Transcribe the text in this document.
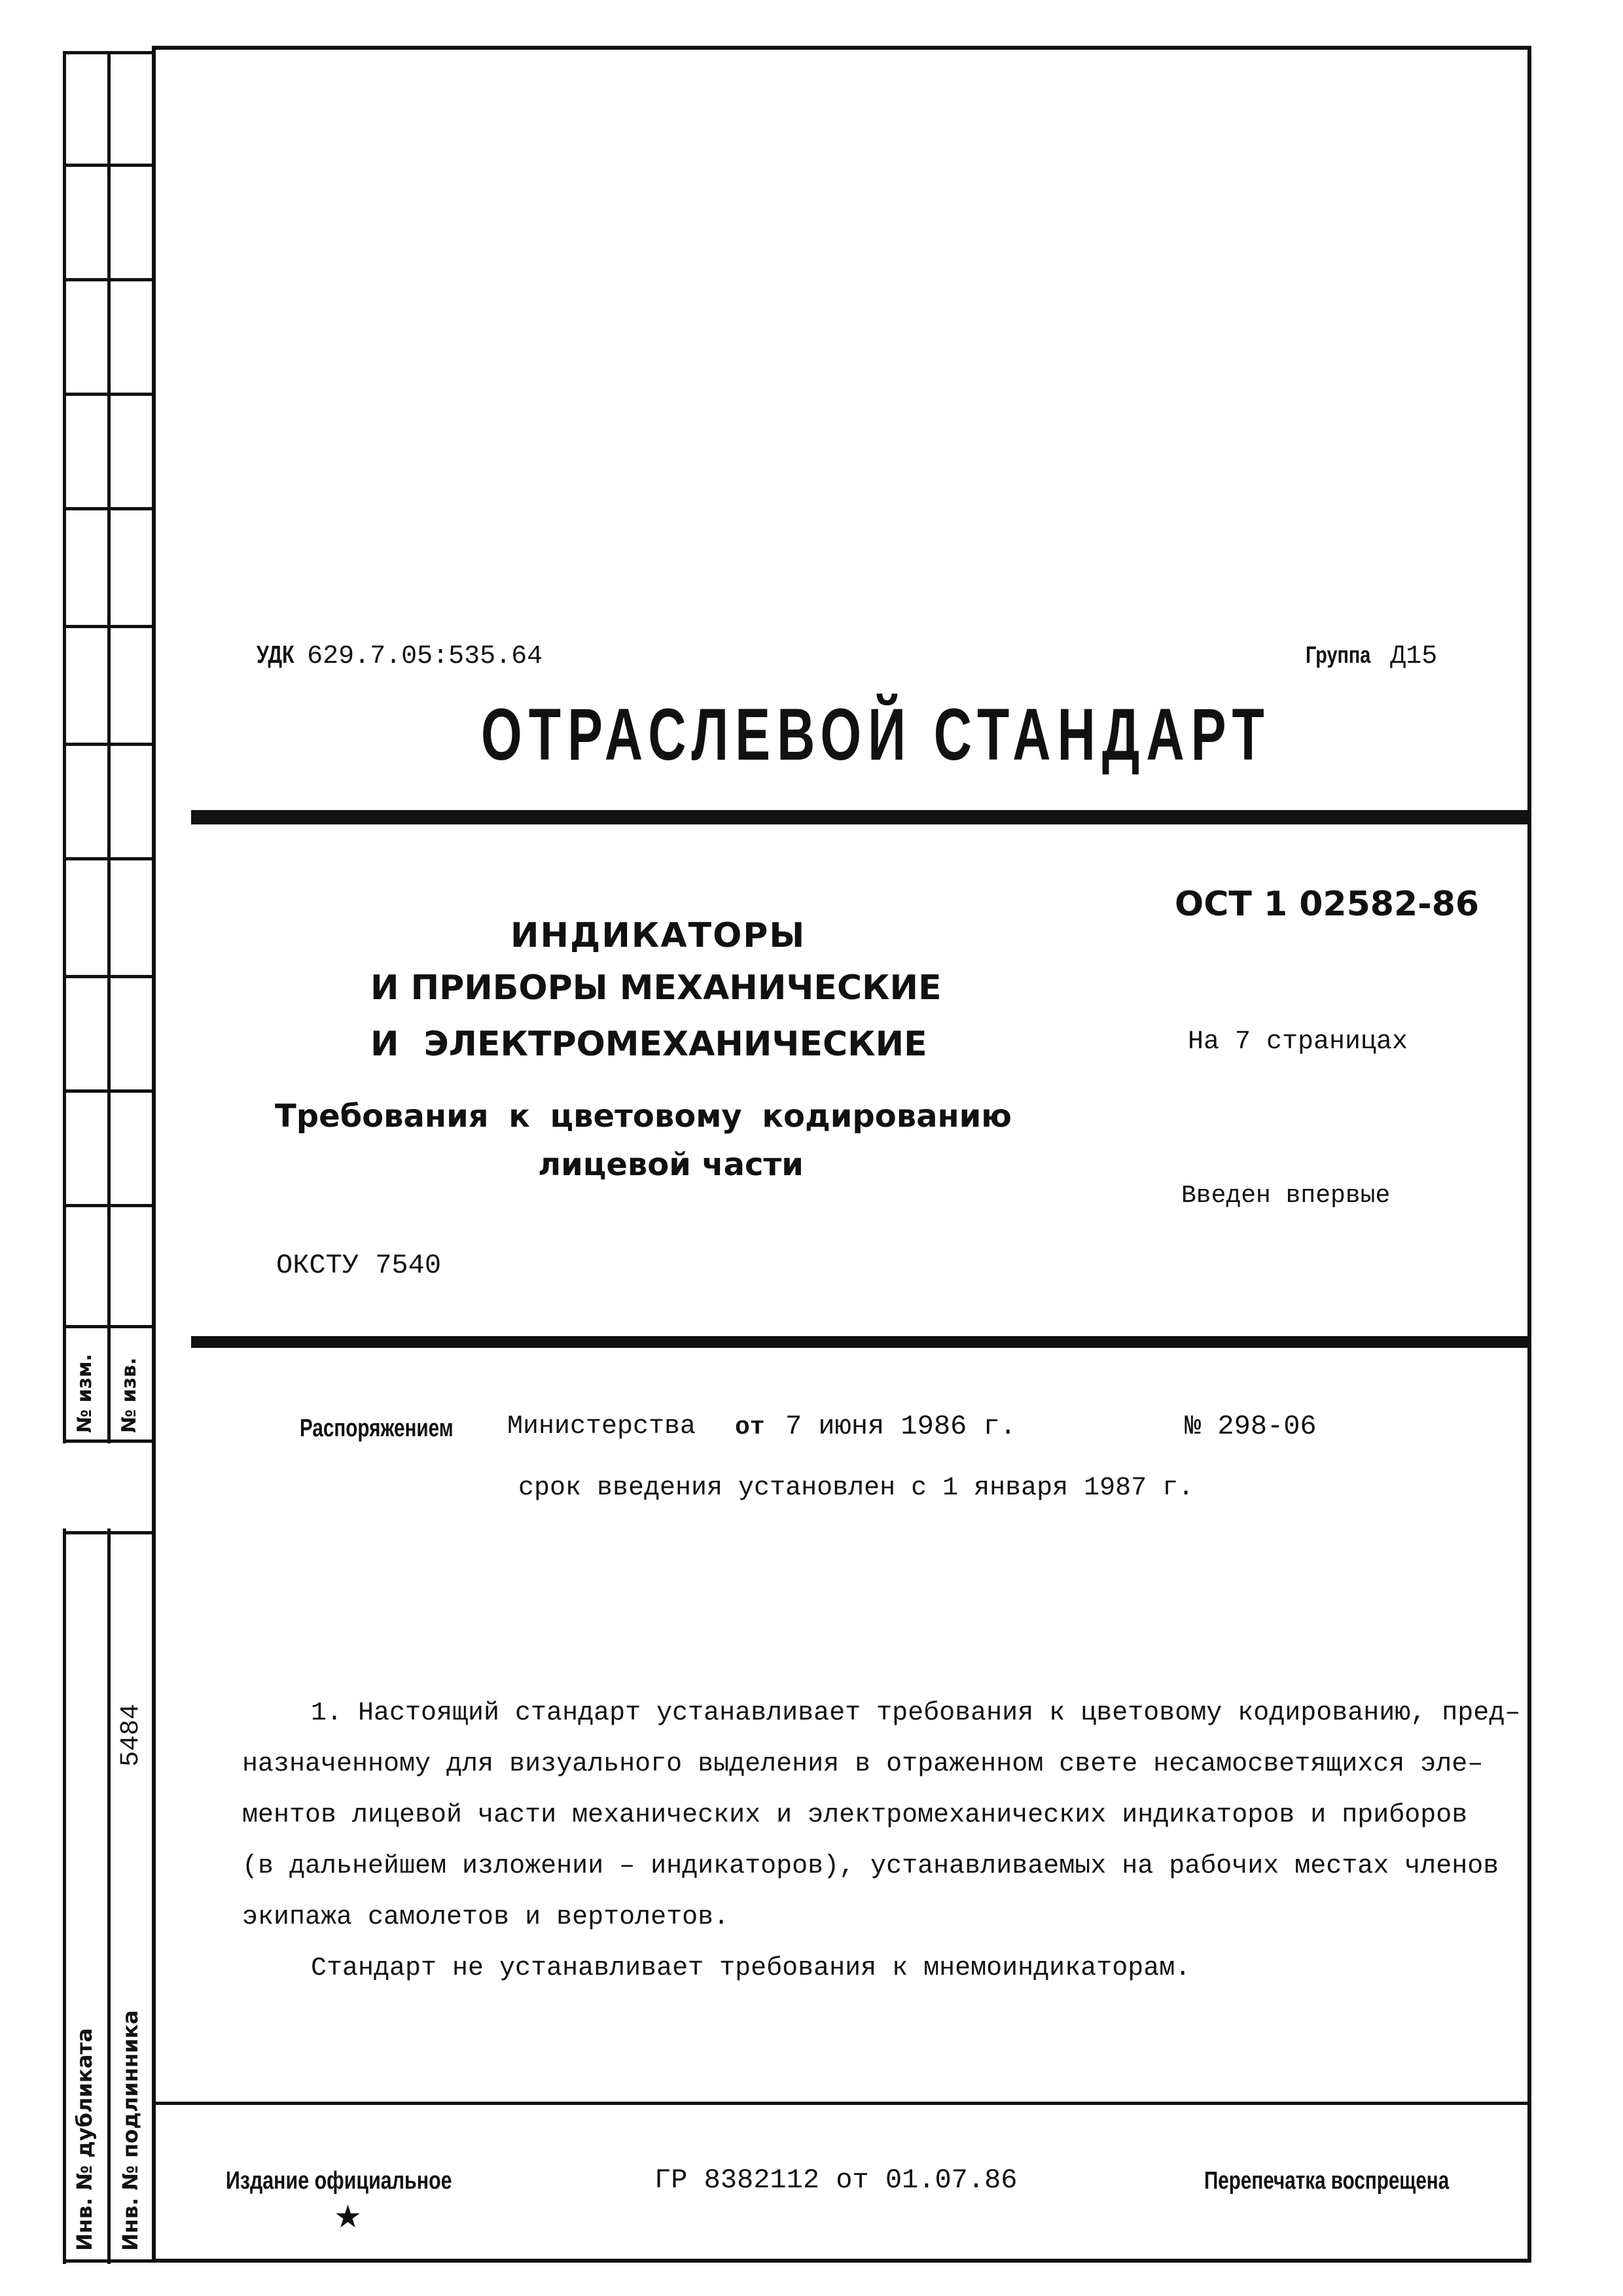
№ изм. № изв.
5484
Инв. № дубликата Инв. № подлинника
УДК 629.7.05:535.64	Группа Д15
ОТРАСЛЕВОЙ СТАНДАРТ
ОСТ 1 02582-86
ИНДИКАТОРЫ
И ПРИБОРЫ МЕХАНИЧЕСКИЕ
И ЭЛЕКТРОМЕХАНИЧЕСКИЕ	На 7 страницах
Требования к цветовому кодированию
лицевой части
Введен впервые
ОКСТУ 7540
Распоряжением Министерства от 7 июня 1986 г.	№ 298-06
срок введения установлен с 1 января 1987 г.
1. Настоящий стандарт устанавливает требования к цветовому кодированию, пред–
назначенному для визуального выделения в отраженном свете несамосветящихся эле–
ментов лицевой части механических и электромеханических индикаторов и приборов
(в дальнейшем изложении – индикаторов), устанавливаемых на рабочих местах членов
экипажа самолетов и вертолетов.
Стандарт не устанавливает требования к мнемоиндикаторам.
Издание официальное
★
ГР 8382112 от 01.07.86	Перепечатка воспрещена
